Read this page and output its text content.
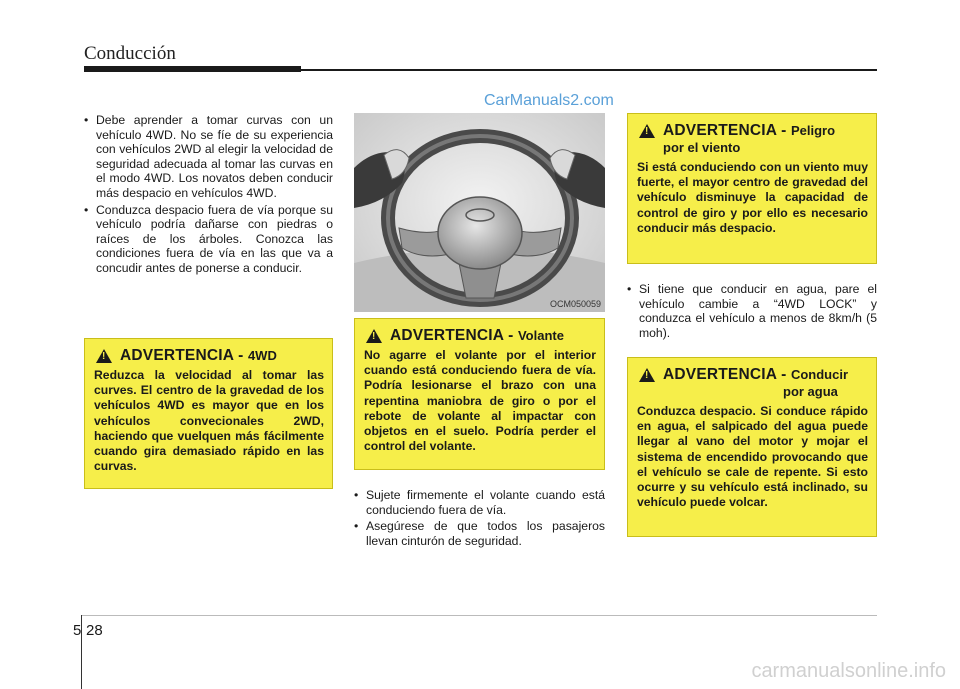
Conducción
CarManuals2.com

• Debe aprender a tomar curvas con un vehículo 4WD. No se fíe de su experiencia con vehículos 2WD al elegir la velocidad de seguridad adecuada al tomar las curvas en el modo 4WD. Los novatos deben conducir más despacio en vehículos 4WD.

• Conduzca despacio fuera de vía porque su vehículo podría dañarse con piedras o raíces de los árboles. Conozca las condiciones fuera de vía en las que va a concudir antes de ponerse a conducir.

!
ADVERTENCIA - 4WD
Reduzca la velocidad al tomar las curves. El centro de la gravedad de los vehículos 4WD es mayor que en los vehículos convecionales 2WD, haciendo que vuelquen más fácilmente cuando gira demasiado rápido en las curvas.
OCM050059
!
ADVERTENCIA - Volante
No agarre el volante por el interior cuando está conduciendo fuera de vía. Podría lesionarse el brazo con una repentina maniobra de giro o por el rebote de volante al impactar con objetos en el suelo. Podría perder el control del volante.

• Sujete firmemente el volante cuando está conduciendo fuera de vía.

• Asegúrese de que todos los pasajeros llevan cinturón de seguridad.

!
ADVERTENCIA - Peligro
por el viento
Si está conduciendo con un viento muy fuerte, el mayor centro de gravedad del vehículo disminuye la capacidad de control de giro y por ello es necesario conducir más despacio.

• Si tiene que conducir en agua, pare el vehículo cambie a “4WD LOCK” y conduzca el vehículo a menos de 8km/h (5 moh).

!
ADVERTENCIA - Conducir
por agua
Conduzca despacio. Si conduce rápido en agua, el salpicado del agua puede llegar al vano del motor y mojar el sistema de encendido provocando que el vehículo se cale de repente. Si esto ocurre y su vehículo está inclinado, su vehículo puede volcar.
5 28
carmanualsonline.info
